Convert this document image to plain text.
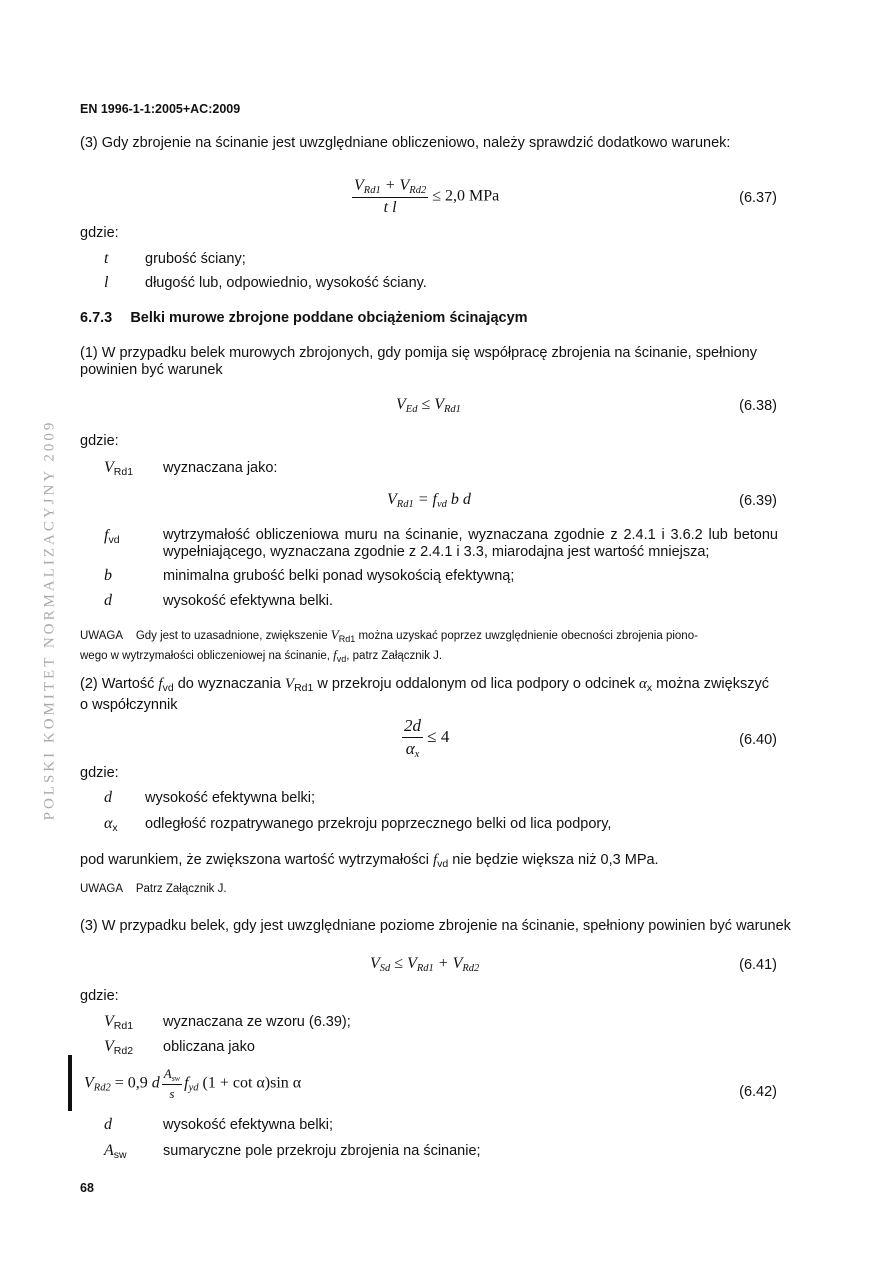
POLSKI KOMITET NORMALIZACYJNY 2009
EN 1996-1-1:2005+AC:2009
(3) Gdy zbrojenie na ścinanie jest uwzględniane obliczeniowo, należy sprawdzić dodatkowo warunek:
$\frac{V_{Rd1} + V_{Rd2}}{\text{t l}} \le 2,0$ MPa	(6.37)
gdzie:
t	grubość ściany;
l	długość lub, odpowiednio, wysokość ściany.
6.7.3 Belki murowe zbrojone poddane obciążeniom ścinającym
(1) W przypadku belek murowych zbrojonych, gdy pomija się współpracę zbrojenia na ścinanie, spełniony powinien być warunek
$V_{Ed} \le V_{Rd1}$	(6.38)
gdzie:
VRd1 wyznaczana jako:
$V_{Rd1} = f_{vd}$ b d	(6.39)
fvd	wytrzymałość obliczeniowa muru na ścinanie, wyznaczana zgodnie z 2.4.1 i 3.6.2 lub betonu wypełniającego, wyznaczana zgodnie z 2.4.1 i 3.3, miarodajna jest wartość mniejsza;
b	minimalna grubość belki ponad wysokością efektywną;
d	wysokość efektywna belki.
UWAGA Gdy jest to uzasadnione, zwiększenie $V_{Rd1}$ można uzyskać poprzez uwzględnienie obecności zbrojenia piono-
wego w wytrzymałości obliczeniowej na ścinanie, $f_{vd}$, patrz Załącznik J.
(2) Wartość $f_{vd}$ do wyznaczania $V_{Rd1}$ w przekroju oddalonym od lica podpory o odcinek $\alpha_x$ można zwiększyć
o współczynnik
$\frac{2d}{\alpha_x} \le 4$	(6.40)
gdzie:
d wysokość efektywna belki;
αx odległość rozpatrywanego przekroju poprzecznego belki od lica podpory,
pod warunkiem, że zwiększona wartość wytrzymałości $f_{vd}$ nie będzie większa niż 0,3 MPa.
UWAGA Patrz Załącznik J.
(3) W przypadku belek, gdy jest uwzględniane poziome zbrojenie na ścinanie, spełniony powinien być warunek
$V_{Sd} \le V_{Rd1} + V_{Rd2}$	(6.41)
gdzie:
VRd1 wyznaczana ze wzoru (6.39);
VRd2 obliczana jako
$V_{Rd2} = 0,9$ d $\frac{A_{sw}}{s} f_{yd}$ (1 + cot α)sin α
(6.42)
d	wysokość efektywna belki;
Asw	sumaryczne pole przekroju zbrojenia na ścinanie;
68
